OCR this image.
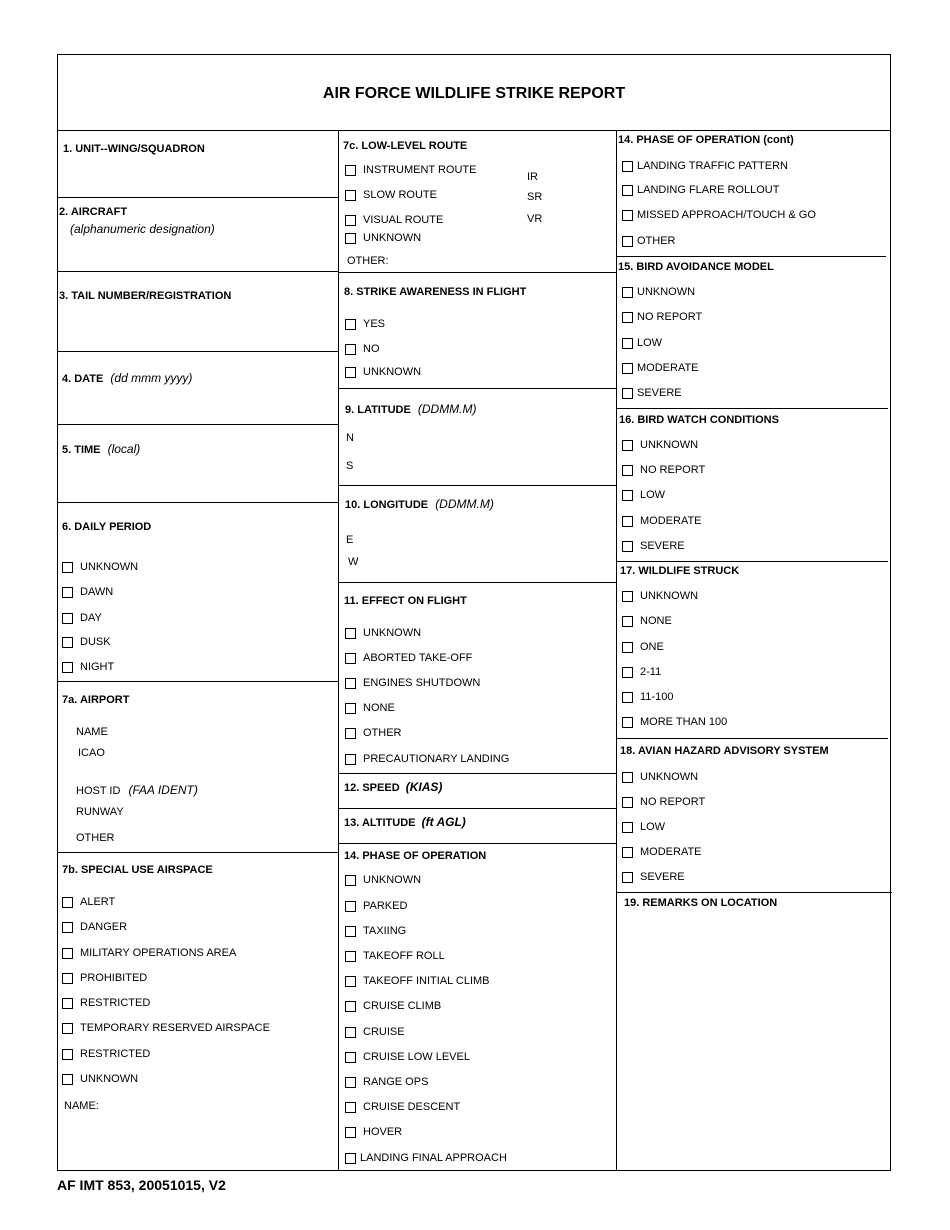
AIR FORCE WILDLIFE STRIKE REPORT
1. UNIT--WING/SQUADRON
2. AIRCRAFT
(alphanumeric designation)
3. TAIL NUMBER/REGISTRATION
4. DATE (dd mmm yyyy)
5. TIME (local)
6. DAILY PERIOD
UNKNOWN
DAWN
DAY
DUSK
NIGHT
7a. AIRPORT
NAME
ICAO
HOST ID (FAA IDENT)
RUNWAY
OTHER
7b. SPECIAL USE AIRSPACE
ALERT
DANGER
MILITARY OPERATIONS AREA
PROHIBITED
RESTRICTED
TEMPORARY RESERVED AIRSPACE
RESTRICTED
UNKNOWN
NAME:
7c. LOW-LEVEL ROUTE
INSTRUMENT ROUTE
SLOW ROUTE
VISUAL ROUTE
UNKNOWN
IR
SR
VR
OTHER:
8. STRIKE AWARENESS IN FLIGHT
YES
NO
UNKNOWN
9. LATITUDE (DDMM.M)
N
S
10. LONGITUDE (DDMM.M)
E
W
11. EFFECT ON FLIGHT
UNKNOWN
ABORTED TAKE-OFF
ENGINES SHUTDOWN
NONE
OTHER
PRECAUTIONARY LANDING
12. SPEED (KIAS)
13. ALTITUDE (ft AGL)
14. PHASE OF OPERATION
UNKNOWN
PARKED
TAXIING
TAKEOFF ROLL
TAKEOFF INITIAL CLIMB
CRUISE CLIMB
CRUISE
CRUISE LOW LEVEL
RANGE OPS
CRUISE DESCENT
HOVER
LANDING FINAL APPROACH
14. PHASE OF OPERATION (cont)
LANDING TRAFFIC PATTERN
LANDING FLARE ROLLOUT
MISSED APPROACH/TOUCH & GO
OTHER
15. BIRD AVOIDANCE MODEL
UNKNOWN
NO REPORT
LOW
MODERATE
SEVERE
16. BIRD WATCH CONDITIONS
UNKNOWN
NO REPORT
LOW
MODERATE
SEVERE
17. WILDLIFE STRUCK
UNKNOWN
NONE
ONE
2-11
11-100
MORE THAN 100
18. AVIAN HAZARD ADVISORY SYSTEM
UNKNOWN
NO REPORT
LOW
MODERATE
SEVERE
19. REMARKS ON LOCATION
AF IMT 853, 20051015, V2
